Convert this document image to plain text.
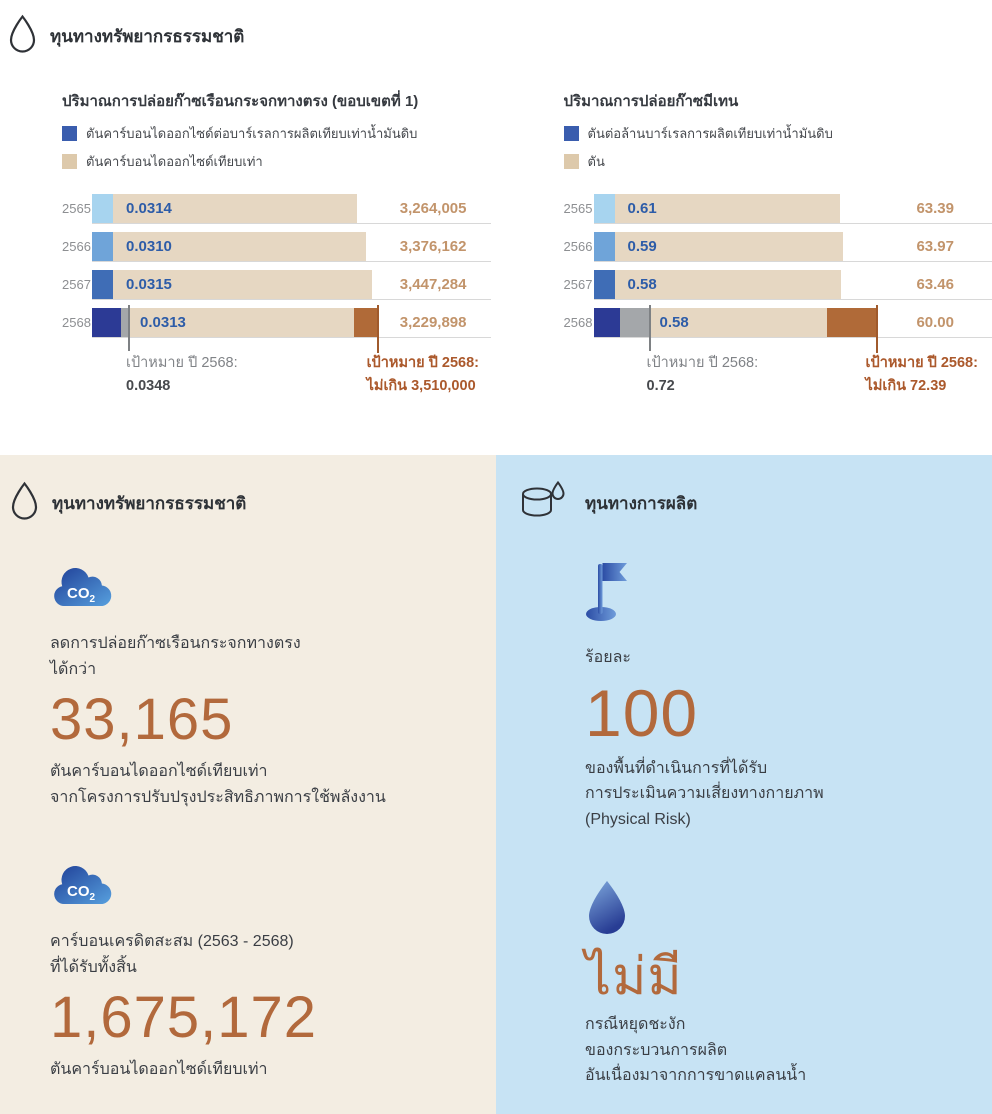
ทุนทางทรัพยากรธรรมชาติ
ปริมาณการปล่อยก๊าซเรือนกระจกทางตรง (ขอบเขตที่ 1)
ตันคาร์บอนไดออกไซด์ต่อบาร์เรลการผลิตเทียบเท่าน้ำมันดิบ
ตันคาร์บอนไดออกไซด์เทียบเท่า
2565 0.0314	3,264,005
2566 0.0310	3,376,162
2567 0.0315	3,447,284
2568	0.0313	3,229,898
เป้าหมาย ปี 2568:
0.0348
เป้าหมาย ปี 2568:
ไม่เกิน 3,510,000
ปริมาณการปล่อยก๊าซมีเทน
ตันต่อล้านบาร์เรลการผลิตเทียบเท่าน้ำมันดิบ
ตัน
2565 0.61	63.39
2566 0.59	63.97
2567 0.58	63.46
2568	0.58	60.00
เป้าหมาย ปี 2568:
0.72
เป้าหมาย ปี 2568:
ไม่เกิน 72.39
ทุนทางทรัพยากรธรรมชาติ
$CO_2$
ลดการปล่อยก๊าซเรือนกระจกทางตรง
ได้กว่า
33,165
ตันคาร์บอนไดออกไซด์เทียบเท่า
จากโครงการปรับปรุงประสิทธิภาพการใช้พลังงาน
$CO_2$
คาร์บอนเครดิตสะสม (2563 - 2568)
ที่ได้รับทั้งสิ้น
1,675,172
ตันคาร์บอนไดออกไซด์เทียบเท่า
ทุนทางการผลิต
ร้อยละ
100
ของพื้นที่ดำเนินการที่ได้รับ
การประเมินความเสี่ยงทางกายภาพ
(Physical Risk)
ไม่มี
กรณีหยุดชะงัก
ของกระบวนการผลิต
อันเนื่องมาจากการขาดแคลนน้ำ
